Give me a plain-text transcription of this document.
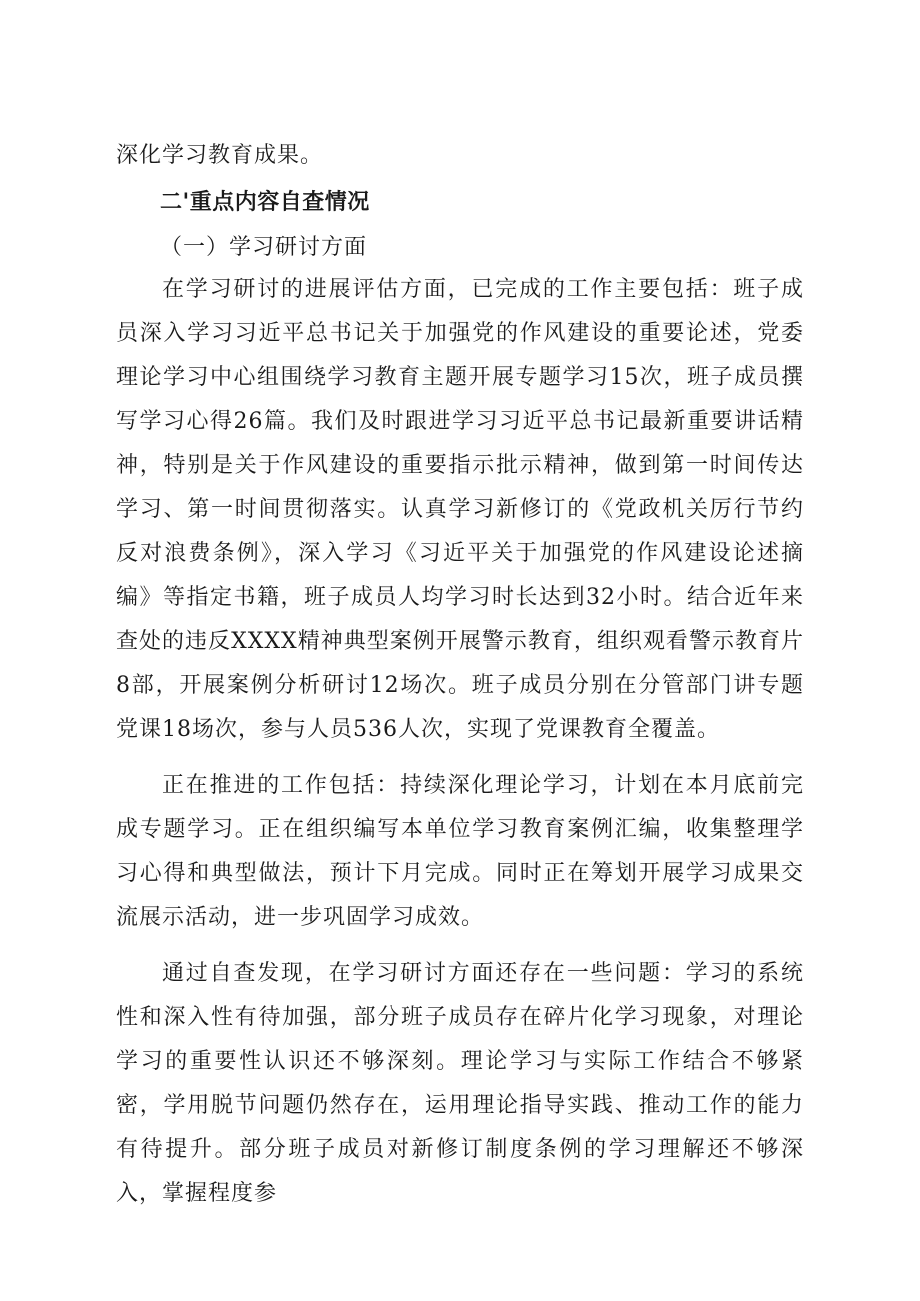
深化学习教育成果。

二'重点内容自查情况

（一）学习研讨方面

在学习研讨的进展评估方面，已完成的工作主要包括：班子成员深入学习习近平总书记关于加强党的作风建设的重要论述，党委理论学习中心组围绕学习教育主题开展专题学习15次，班子成员撰写学习心得26篇。我们及时跟进学习习近平总书记最新重要讲话精神，特别是关于作风建设的重要指示批示精神，做到第一时间传达学习、第一时间贯彻落实。认真学习新修订的《党政机关厉行节约反对浪费条例》，深入学习《习近平关于加强党的作风建设论述摘编》等指定书籍，班子成员人均学习时长达到32小时。结合近年来查处的违反XXXX精神典型案例开展警示教育，组织观看警示教育片8部，开展案例分析研讨12场次。班子成员分别在分管部门讲专题党课18场次，参与人员536人次，实现了党课教育全覆盖。

正在推进的工作包括：持续深化理论学习，计划在本月底前完成专题学习。正在组织编写本单位学习教育案例汇编，收集整理学习心得和典型做法，预计下月完成。同时正在筹划开展学习成果交流展示活动，进一步巩固学习成效。

通过自查发现，在学习研讨方面还存在一些问题：学习的系统性和深入性有待加强，部分班子成员存在碎片化学习现象，对理论学习的重要性认识还不够深刻。理论学习与实际工作结合不够紧密，学用脱节问题仍然存在，运用理论指导实践、推动工作的能力有待提升。部分班子成员对新修订制度条例的学习理解还不够深入，掌握程度参
